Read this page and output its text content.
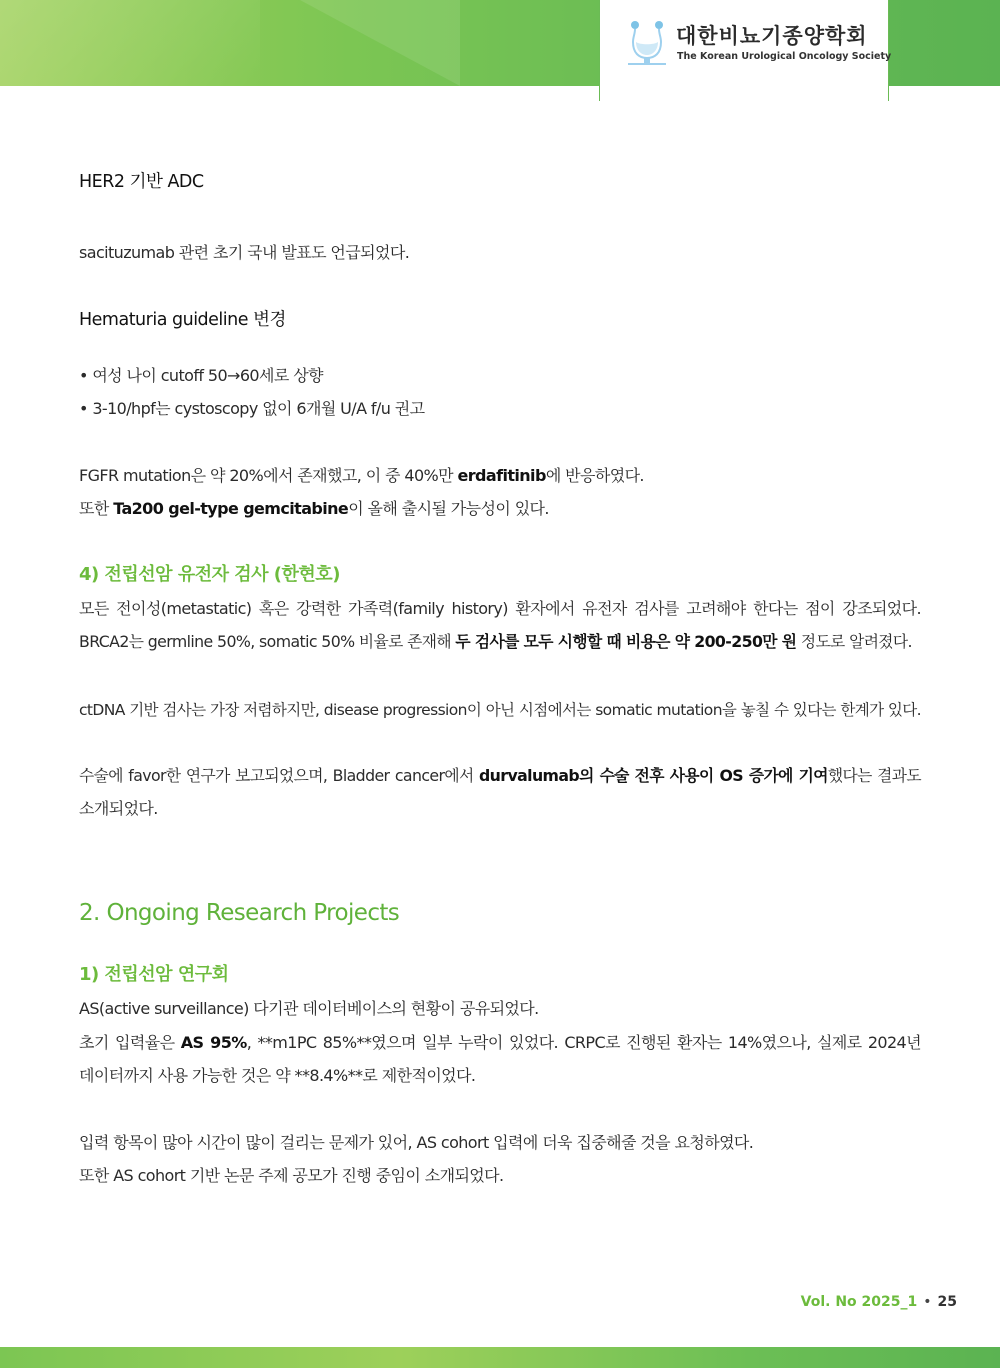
대한비뇨기종양학회
The Korean Urological Oncology Society
HER2 기반 ADC
sacituzumab 관련 초기 국내 발표도 언급되었다.
Hematuria guideline 변경
• 여성 나이 cutoff 50→60세로 상향
• 3-10/hpf는 cystoscopy 없이 6개월 U/A f/u 권고
FGFR mutation은 약 20%에서 존재했고, 이 중 40%만 erdafitinib에 반응하였다.
또한 Ta200 gel-type gemcitabine이 올해 출시될 가능성이 있다.
4) 전립선암 유전자 검사 (한현호)
모든 전이성(metastatic) 혹은 강력한 가족력(family history) 환자에서 유전자 검사를 고려해야 한다는 점이 강조되었다.
BRCA2는 germline 50%, somatic 50% 비율로 존재해 두 검사를 모두 시행할 때 비용은 약 200-250만 원 정도로 알려졌다.
ctDNA 기반 검사는 가장 저렴하지만, disease progression이 아닌 시점에서는 somatic mutation을 놓칠 수 있다는 한계가 있다.
수술에 favor한 연구가 보고되었으며, Bladder cancer에서 durvalumab의 수술 전후 사용이 OS 증가에 기여했다는 결과도
소개되었다.
2. Ongoing Research Projects
1) 전립선암 연구회
AS(active surveillance) 다기관 데이터베이스의 현황이 공유되었다.
초기 입력율은 AS 95%, **m1PC 85%**였으며 일부 누락이 있었다. CRPC로 진행된 환자는 14%였으나, 실제로 2024년
데이터까지 사용 가능한 것은 약 **8.4%**로 제한적이었다.
입력 항목이 많아 시간이 많이 걸리는 문제가 있어, AS cohort 입력에 더욱 집중해줄 것을 요청하였다.
또한 AS cohort 기반 논문 주제 공모가 진행 중임이 소개되었다.
Vol. No 2025_1 • 25
